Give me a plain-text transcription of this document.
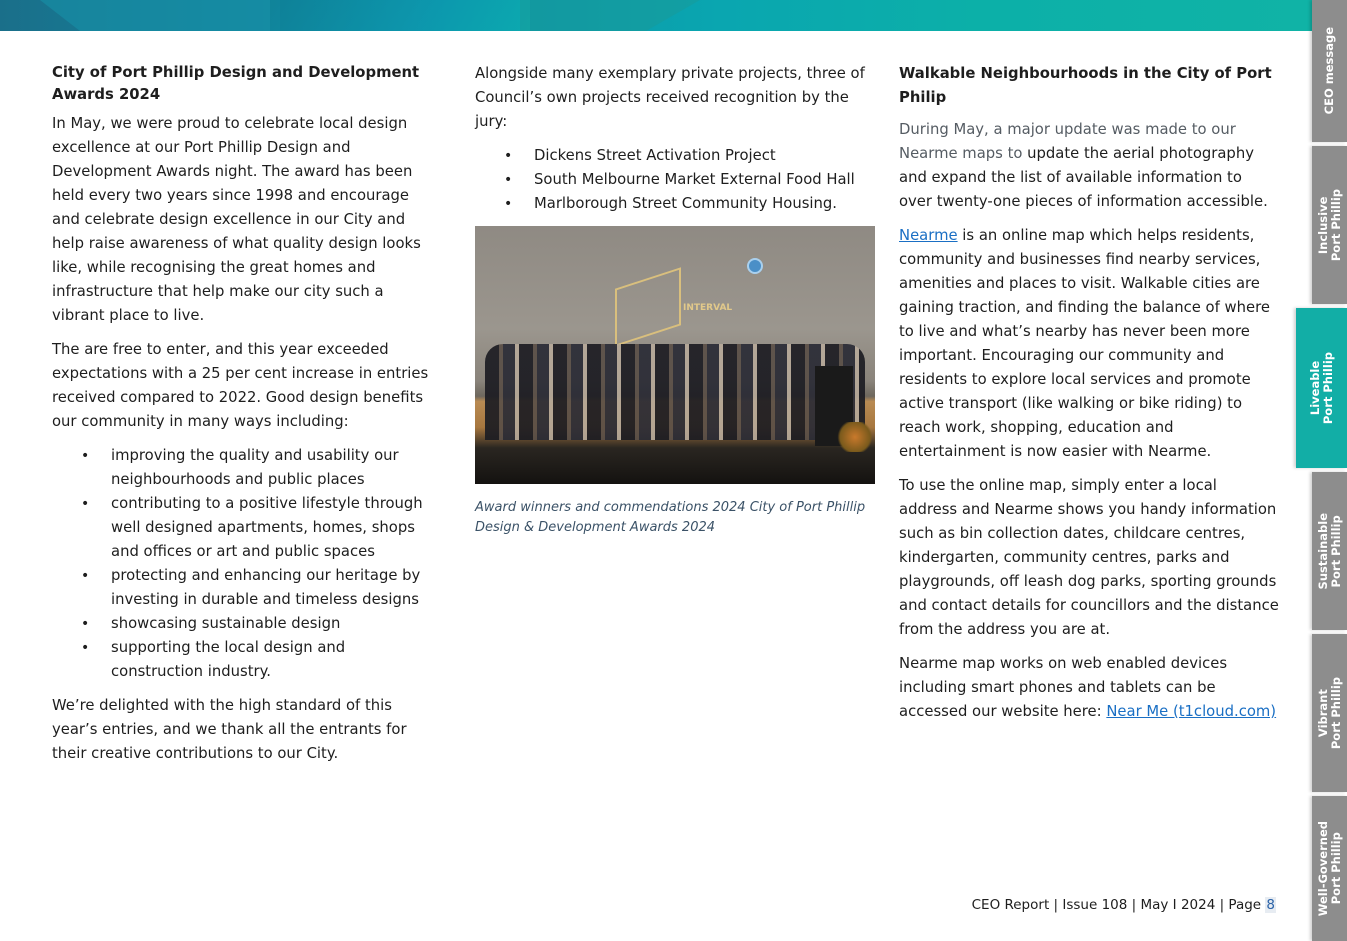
City of Port Phillip Design and Development Awards 2024

In May, we were proud to celebrate local design excellence at our Port Phillip Design and Development Awards night. The award has been held every two years since 1998 and encourage and celebrate design excellence in our City and help raise awareness of what quality design looks like, while recognising the great homes and infrastructure that help make our city such a vibrant place to live.

The are free to enter, and this year exceeded expectations with a 25 per cent increase in entries received compared to 2022. Good design benefits our community in many ways including:

• improving the quality and usability our neighbourhoods and public places
• contributing to a positive lifestyle through well designed apartments, homes, shops and offices or art and public spaces
• protecting and enhancing our heritage by investing in durable and timeless designs
• showcasing sustainable design
• supporting the local design and construction industry.

We’re delighted with the high standard of this year’s entries, and we thank all the entrants for their creative contributions to our City.

Alongside many exemplary private projects, three of Council’s own projects received recognition by the jury:

• Dickens Street Activation Project
• South Melbourne Market External Food Hall
• Marlborough Street Community Housing.
INTERVAL
Award winners and commendations 2024 City of Port Phillip Design & Development Awards 2024
Walkable Neighbourhoods in the City of Port Philip

During May, a major update was made to our Nearme maps to update the aerial photography and expand the list of available information to over twenty-one pieces of information accessible.

Nearme is an online map which helps residents, community and businesses find nearby services, amenities and places to visit. Walkable cities are gaining traction, and finding the balance of where to live and what’s nearby has never been more important. Encouraging our community and residents to explore local services and promote active transport (like walking or bike riding) to reach work, shopping, education and entertainment is now easier with Nearme.

To use the online map, simply enter a local address and Nearme shows you handy information such as bin collection dates, childcare centres, kindergarten, community centres, parks and playgrounds, off leash dog parks, sporting grounds and contact details for councillors and the distance from the address you are at.

Nearme map works on web enabled devices including smart phones and tablets can be accessed our website here: Near Me (t1cloud.com)

CEO Report | Issue 108 | May I 2024 | Page 8
CEO message
Inclusive
Port Phillip
Liveable
Port Phillip
Sustainable
Port Phillip
Vibrant
Port Phillip
Well-Governed
Port Phillip
